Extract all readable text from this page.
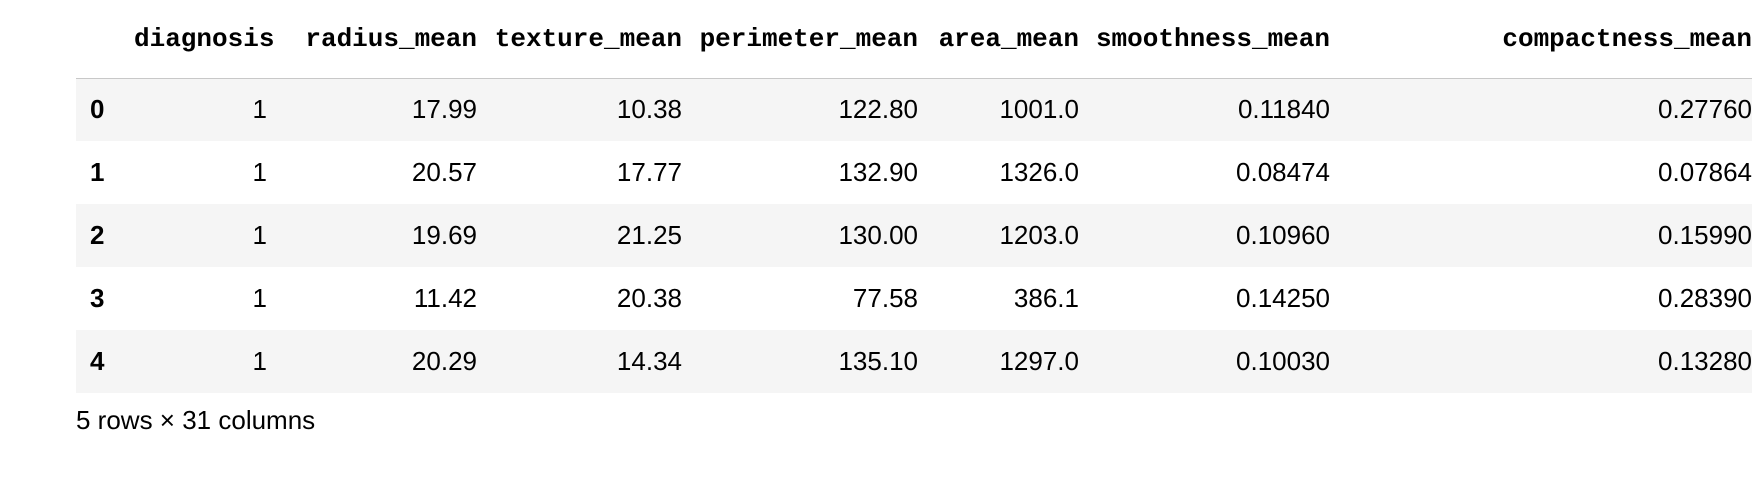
	diagnosis	radius_mean	texture_mean	perimeter_mean	area_mean	smoothness_mean	compactness_mean
0	1	17.99	10.38	122.80	1001.0	0.11840	0.27760
1	1	20.57	17.77	132.90	1326.0	0.08474	0.07864
2	1	19.69	21.25	130.00	1203.0	0.10960	0.15990
3	1	11.42	20.38	77.58	386.1	0.14250	0.28390
4	1	20.29	14.34	135.10	1297.0	0.10030	0.13280
5 rows × 31 columns
